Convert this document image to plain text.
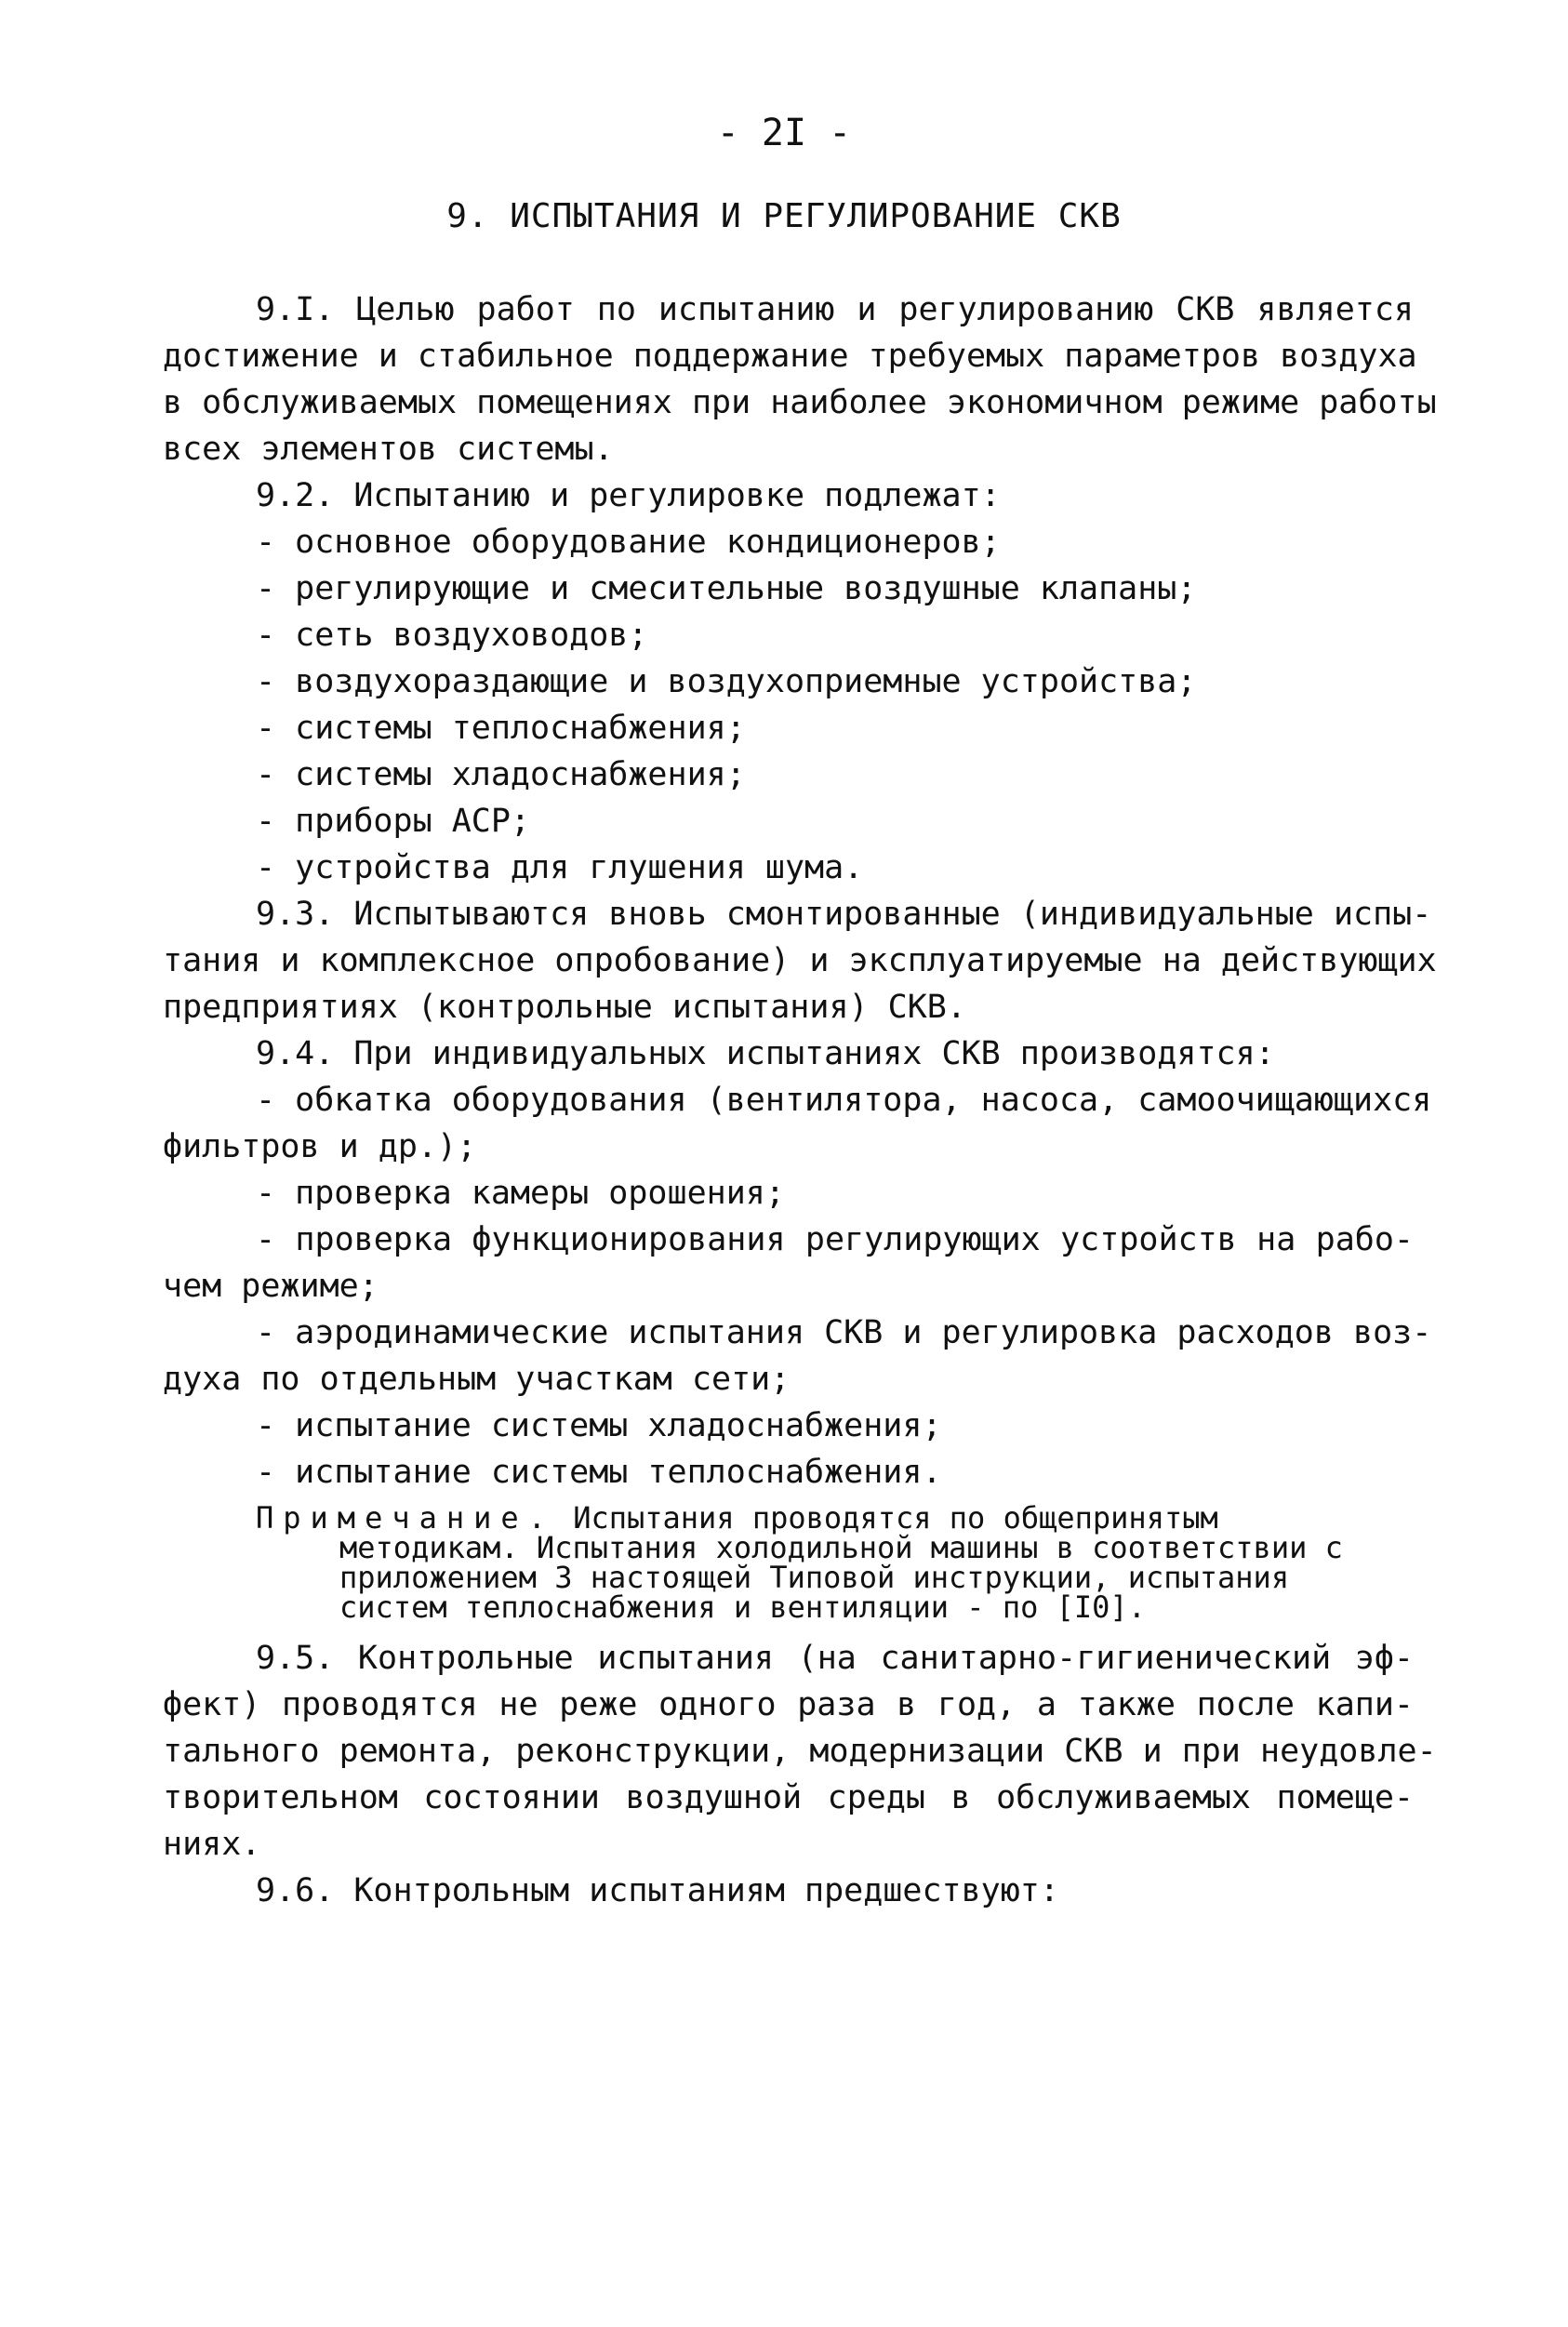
- 2I -
9. ИСПЫТАНИЯ И РЕГУЛИРОВАНИЕ СКВ
9.I. Целью работ по испытанию и регулированию СКВ является
достижение и стабильное поддержание требуемых параметров воздуха
в обслуживаемых помещениях при наиболее экономичном режиме работы
всех элементов системы.
9.2. Испытанию и регулировке подлежат:
- основное оборудование кондиционеров;
- регулирующие и смесительные воздушные клапаны;
- сеть воздуховодов;
- воздухораздающие и воздухоприемные устройства;
- системы теплоснабжения;
- системы хладоснабжения;
- приборы АСР;
- устройства для глушения шума.
9.3. Испытываются вновь смонтированные (индивидуальные испы-
тания и комплексное опробование) и эксплуатируемые на действующих
предприятиях (контрольные испытания) СКВ.
9.4. При индивидуальных испытаниях СКВ производятся:
- обкатка оборудования (вентилятора, насоса, самоочищающихся
фильтров и др.);
- проверка камеры орошения;
- проверка функционирования регулирующих устройств на рабо-
чем режиме;
- аэродинамические испытания СКВ и регулировка расходов воз-
духа по отдельным участкам сети;
- испытание системы хладоснабжения;
- испытание системы теплоснабжения.
Примечание. Испытания проводятся по общепринятым
методикам. Испытания холодильной машины в соответствии с
приложением 3 настоящей Типовой инструкции, испытания
систем теплоснабжения и вентиляции - по [I0].
9.5. Контрольные испытания (на санитарно-гигиенический эф-
фект) проводятся не реже одного раза в год, а также после капи-
тального ремонта, реконструкции, модернизации СКВ и при неудовле-
творительном состоянии воздушной среды в обслуживаемых помеще-
ниях.
9.6. Контрольным испытаниям предшествуют:
